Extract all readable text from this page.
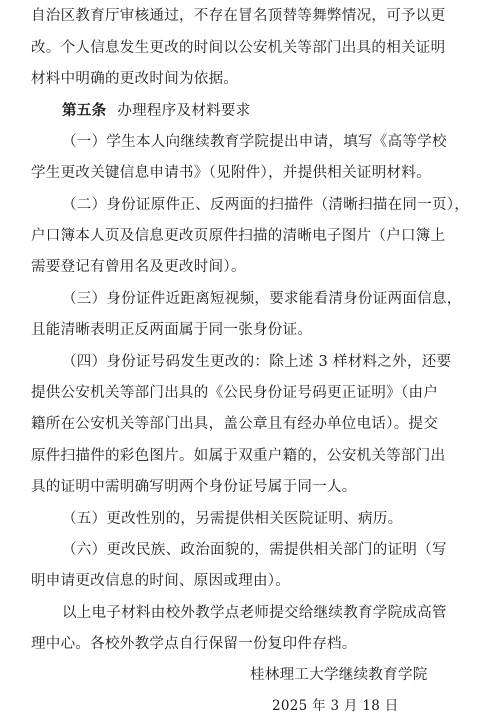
自治区教育厅审核通过，不存在冒名顶替等舞弊情况，可予以更
改。个人信息发生更改的时间以公安机关等部门出具的相关证明
材料中明确的更改时间为依据。
第五条 办理程序及材料要求
（一）学生本人向继续教育学院提出申请，填写《高等学校
学生更改关键信息申请书》（见附件），并提供相关证明材料。
（二）身份证原件正、反两面的扫描件（清晰扫描在同一页），
户口簿本人页及信息更改页原件扫描的清晰电子图片（户口簿上
需要登记有曾用名及更改时间）。
（三）身份证件近距离短视频，要求能看清身份证两面信息，
且能清晰表明正反两面属于同一张身份证。
（四）身份证号码发生更改的：除上述 3 样材料之外，还要
提供公安机关等部门出具的《公民身份证号码更正证明》（由户
籍所在公安机关等部门出具，盖公章且有经办单位电话）。提交
原件扫描件的彩色图片。如属于双重户籍的，公安机关等部门出
具的证明中需明确写明两个身份证号属于同一人。
（五）更改性别的，另需提供相关医院证明、病历。
（六）更改民族、政治面貌的，需提供相关部门的证明（写
明申请更改信息的时间、原因或理由）。
以上电子材料由校外教学点老师提交给继续教育学院成高管
理中心。各校外教学点自行保留一份复印件存档。
桂林理工大学继续教育学院
2025 年 3 月 18 日
